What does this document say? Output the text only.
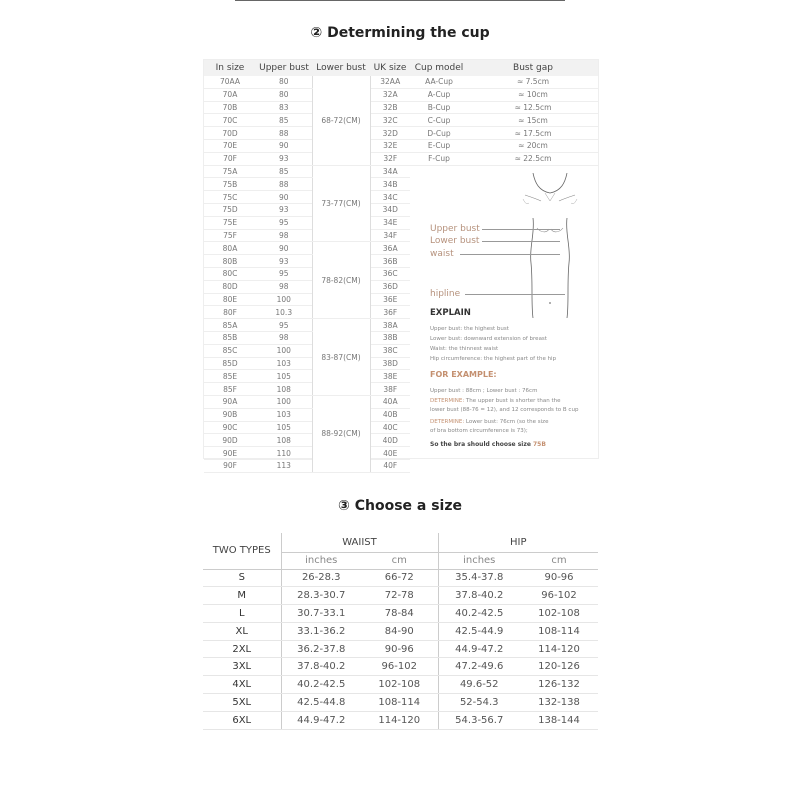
② Determining the cup
In size	Upper bust	Lower bust	UK size	Cup model	Bust gap
70AA	80	68-72(CM)	32AA	AA-Cup	≈ 7.5cm
70A	80		32A	A-Cup	≈ 10cm
70B	83		32B	B-Cup	≈ 12.5cm
70C	85		32C	C-Cup	≈ 15cm
70D	88		32D	D-Cup	≈ 17.5cm
70E	90		32E	E-Cup	≈ 20cm
70F	93		32F	F-Cup	≈ 22.5cm
75A	85	73-77(CM)	34A		
75B	88		34B		
75C	90		34C		
75D	93		34D		
75E	95		34E		
75F	98		34F		
80A	90	78-82(CM)	36A		
80B	93		36B		
80C	95		36C		
80D	98		36D		
80E	100		36E		
80F	10.3		36F		
85A	95	83-87(CM)	38A		
85B	98		38B		
85C	100		38C		
85D	103		38D		
85E	105		38E		
85F	108		38F		
90A	100	88-92(CM)	40A		
90B	103		40B		
90C	105		40C		
90D	108		40D		
90E	110		40E		
90F	113		40F		
Upper bust
Lower bust
waist
hipline
EXPLAIN
Upper bust: the highest bust
Lower bust: downward extension of breast
Waist: the thinnest waist
Hip circumference: the highest part of the hip
FOR EXAMPLE:
Upper bust : 88cm ; Lower bust : 76cm
DETERMINE: The upper bust is shorter than the
lower bust (88-76 = 12), and 12 corresponds to B cup
DETERMINE: Lower bust: 76cm (so the size
of bra bottom circumference is 73);
So the bra should choose size 75B
③ Choose a size
TWO TYPES	WAIIST		HIP	
	inches	cm	inches	cm
S	26-28.3	66-72	35.4-37.8	90-96
M	28.3-30.7	72-78	37.8-40.2	96-102
L	30.7-33.1	78-84	40.2-42.5	102-108
XL	33.1-36.2	84-90	42.5-44.9	108-114
2XL	36.2-37.8	90-96	44.9-47.2	114-120
3XL	37.8-40.2	96-102	47.2-49.6	120-126
4XL	40.2-42.5	102-108	49.6-52	126-132
5XL	42.5-44.8	108-114	52-54.3	132-138
6XL	44.9-47.2	114-120	54.3-56.7	138-144
